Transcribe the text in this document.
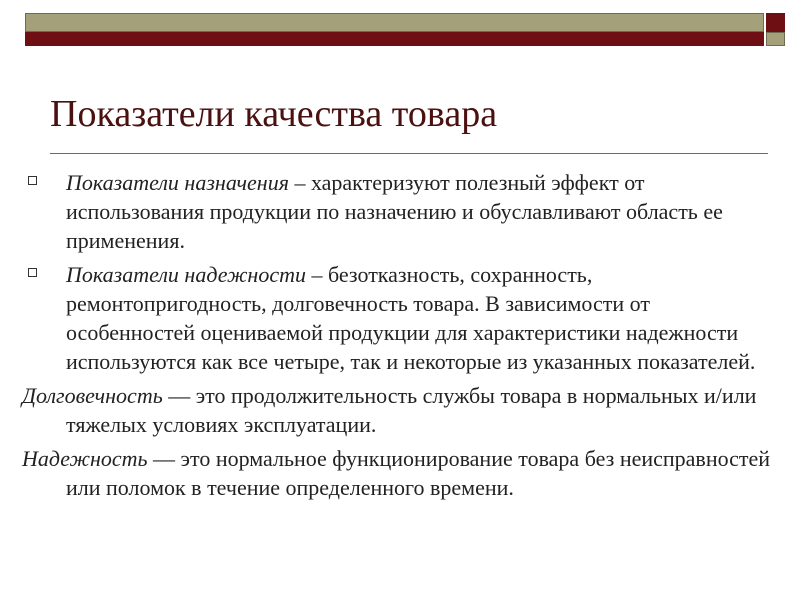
Показатели качества товара
Показатели назначения – характеризуют полезный эффект от использования продукции по назначению и обуславливают область ее применения.
Показатели надежности – безотказность, сохранность, ремонтопригодность, долговечность товара. В зависимости от особенностей оцениваемой продукции для характеристики надежности используются как все четыре, так и некоторые из указанных показателей.
Долговечность — это продолжительность службы товара в нормальных и/или тяжелых условиях эксплуатации.
Надежность — это нормальное функционирование товара без неисправностей или поломок в течение определенного времени.
